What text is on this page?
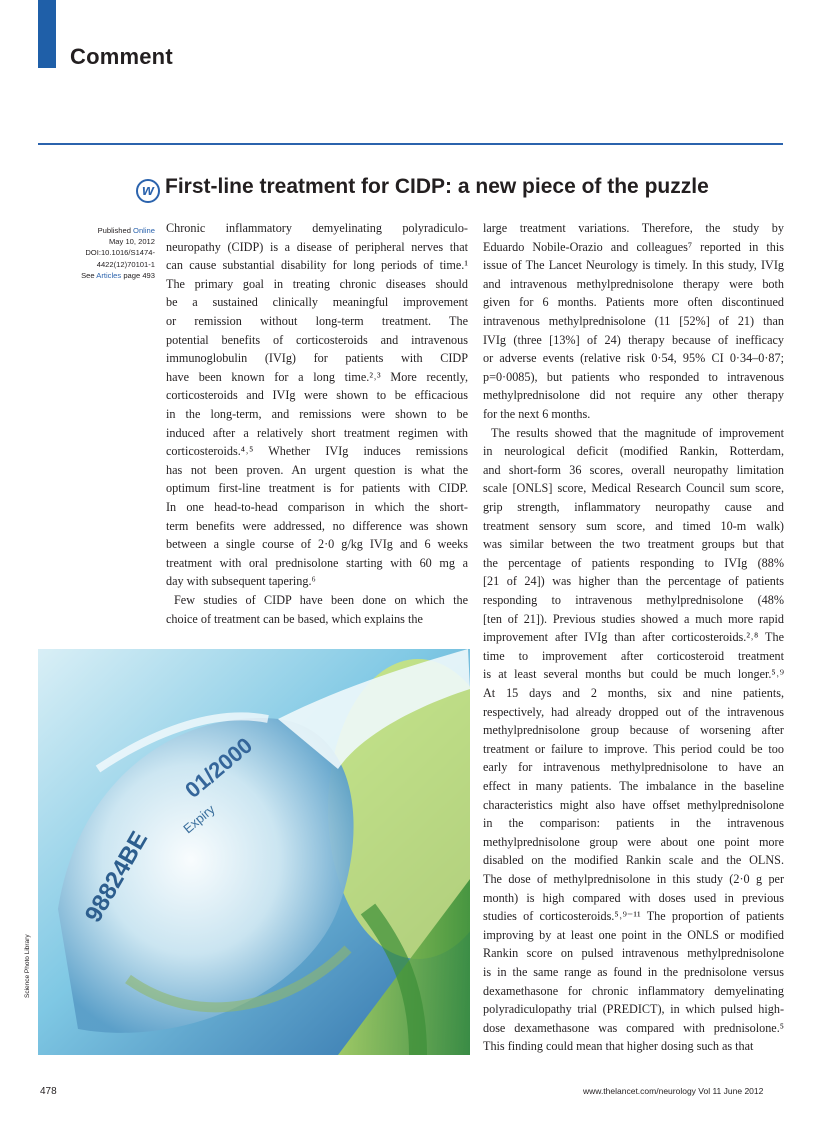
Comment
w First-line treatment for CIDP: a new piece of the puzzle
Published Online
May 10, 2012
DOI:10.1016/S1474-
4422(12)70101-1
See Articles page 493
Chronic inflammatory demyelinating polyradiculo-
neuropathy (CIDP) is a disease of peripheral nerves that
can cause substantial disability for long periods of time.¹
The primary goal in treating chronic diseases should
be a sustained clinically meaningful improvement
or remission without long-term treatment. The
potential benefits of corticosteroids and intravenous
immunoglobulin (IVIg) for patients with CIDP
have been known for a long time.²˒³ More recently,
corticosteroids and IVIg were shown to be efficacious
in the long-term, and remissions were shown to be
induced after a relatively short treatment regimen with
corticosteroids.⁴˒⁵ Whether IVIg induces remissions
has not been proven. An urgent question is what the
optimum first-line treatment is for patients with CIDP.
In one head-to-head comparison in which the short-
term benefits were addressed, no difference was shown
between a single course of 2·0 g/kg IVIg and 6 weeks
treatment with oral prednisolone starting with 60 mg a
day with subsequent tapering.⁶
Few studies of CIDP have been done on which the
choice of treatment can be based, which explains the
large treatment variations. Therefore, the study by
Eduardo Nobile-Orazio and colleagues⁷ reported in this
issue of The Lancet Neurology is timely. In this study, IVIg
and intravenous methylprednisolone therapy were both
given for 6 months. Patients more often discontinued
intravenous methylprednisolone (11 [52%] of 21) than
IVIg (three [13%] of 24) therapy because of inefficacy
or adverse events (relative risk 0·54, 95% CI 0·34–0·87;
p=0·0085), but patients who responded to intravenous
methylprednisolone did not require any other therapy
for the next 6 months.
The results showed that the magnitude of improvement
in neurological deficit (modified Rankin, Rotterdam,
and short-form 36 scores, overall neuropathy limitation
scale [ONLS] score, Medical Research Council sum score,
grip strength, inflammatory neuropathy cause and
treatment sensory sum score, and timed 10-m walk)
was similar between the two treatment groups but that
the percentage of patients responding to IVIg (88%
[21 of 24]) was higher than the percentage of patients
responding to intravenous methylprednisolone (48%
[ten of 21]). Previous studies showed a much more rapid
improvement after IVIg than after corticosteroids.²˒⁸ The
time to improvement after corticosteroid treatment
is at least several months but could be much longer.⁵˒⁹
At 15 days and 2 months, six and nine patients,
respectively, had already dropped out of the intravenous
methylprednisolone group because of worsening after
treatment or failure to improve. This period could be too
early for intravenous methylprednisolone to have an
effect in many patients. The imbalance in the baseline
characteristics might also have offset methylprednisolone
in the comparison: patients in the intravenous
methylprednisolone group were about one point more
disabled on the modified Rankin scale and the OLNS.
The dose of methylprednisolone in this study (2·0 g per
month) is high compared with doses used in previous
studies of corticosteroids.⁵˒⁹⁻¹¹ The proportion of patients
improving by at least one point in the ONLS or modified
Rankin score on pulsed intravenous methylprednisolone
is in the same range as found in the prednisolone versus
dexamethasone for chronic inflammatory demyelinating
polyradiculopathy trial (PREDICT), in which pulsed high-
dose dexamethasone was compared with prednisolone.⁵
This finding could mean that higher dosing such as that
98824BE
Expiry
01/2000
Science Photo Library
478	www.thelancet.com/neurology Vol 11 June 2012
